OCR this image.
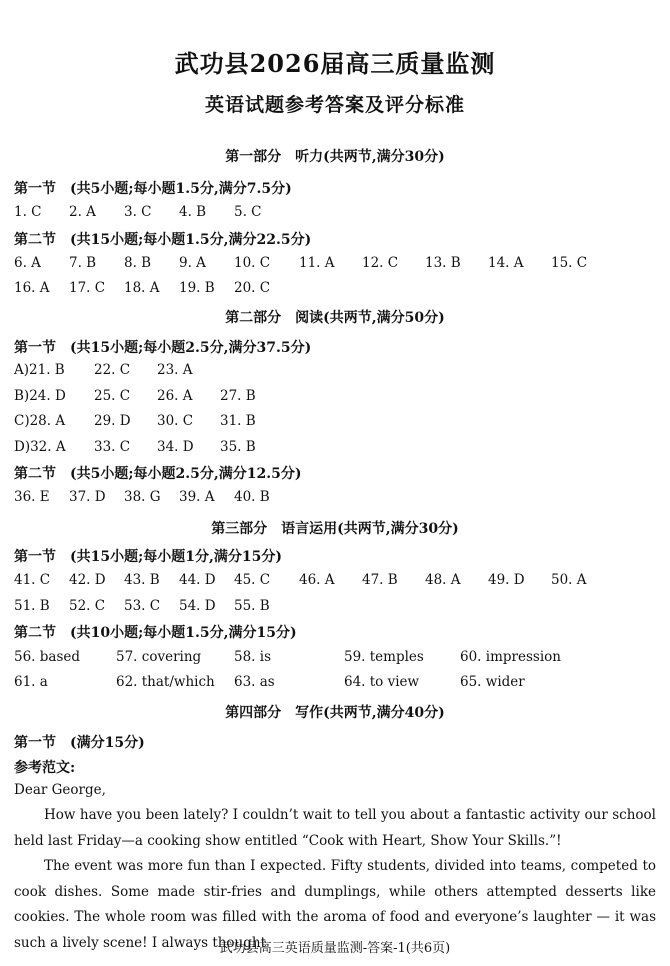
武功县2026届高三质量监测
英语试题参考答案及评分标准
第一部分　听力(共两节,满分30分)
第一节　(共5小题;每小题1.5分,满分7.5分)
1. C 2. A 3. C 4. B 5. C
第二节　(共15小题;每小题1.5分,满分22.5分)
6. A 7. B 8. B 9. A 10. C 11. A 12. C 13. B 14. A 15. C
16. A 17. C 18. A 19. B 20. C
第二部分　阅读(共两节,满分50分)
第一节　(共15小题;每小题2.5分,满分37.5分)
A)21. B 22. C 23. A
B)24. D 25. C 26. A 27. B
C)28. A 29. D 30. C 31. B
D)32. A 33. C 34. D 35. B
第二节　(共5小题;每小题2.5分,满分12.5分)
36. E 37. D 38. G 39. A 40. B
第三部分　语言运用(共两节,满分30分)
第一节　(共15小题;每小题1分,满分15分)
41. C 42. D 43. B 44. D 45. C 46. A 47. B 48. A 49. D 50. A
51. B 52. C 53. C 54. D 55. B
第二节　(共10小题;每小题1.5分,满分15分)
56. based	57. covering 58. is	59. temples	60. impression
61. a	62. that/which 63. as	64. to view	65. wider
第四部分　写作(共两节,满分40分)
第一节　(满分15分)
参考范文:
Dear George,
How have you been lately? I couldn’t wait to tell you about a fantastic activity our school held last Friday—a cooking show entitled “Cook with Heart, Show Your Skills.”!
The event was more fun than I expected. Fifty students, divided into teams, competed to cook dishes. Some made stir-fries and dumplings, while others attempted desserts like cookies. The whole room was filled with the aroma of food and everyone’s laughter — it was such a lively scene! I always thought
武功县高三英语质量监测-答案-1(共6页)
